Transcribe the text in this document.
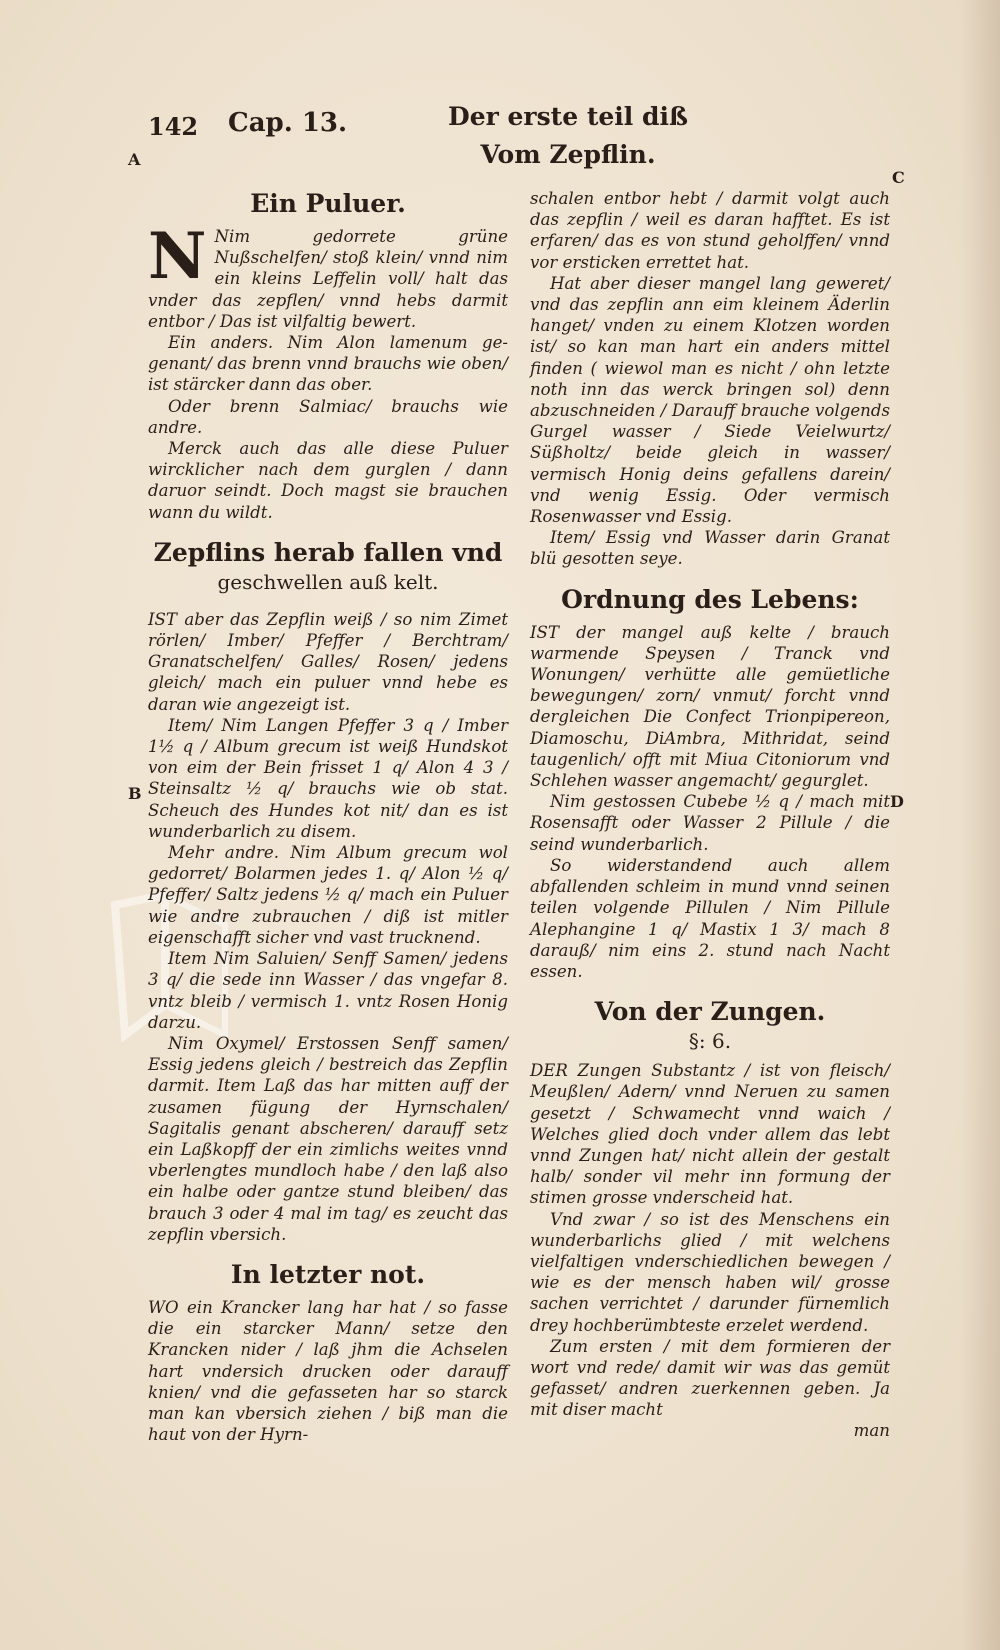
142 Cap. 13.	Der erste teil diß
Vom Zepflin.
A
B
C
D
Ein Puluer.

N Nim gedorrete grüne Nußschelfen/ stoß klein/ vnnd nim ein kleins Leffelin voll/ halt das vnder das zepflen/ vnnd hebs darmit entbor / Das ist vilfaltig bewert.

Ein anders. Nim Alon lamenum ge- genant/ das brenn vnnd brauchs wie oben/ ist stärcker dann das ober.

Oder brenn Salmiac/ brauchs wie andre.

Merck auch das alle diese Puluer wircklicher nach dem gurglen / dann daruor seindt. Doch magst sie brauchen wann du wildt.

Zepflins herab fallen vnd
geschwellen auß kelt.

IST aber das Zepflin weiß / so nim Zimet rörlen/ Imber/ Pfeffer / Berchtram/ Granatschelfen/ Galles/ Rosen/ jedens gleich/ mach ein puluer vnnd hebe es daran wie angezeigt ist.

Item/ Nim Langen Pfeffer 3 q / Imber 1½ q / Album grecum ist weiß Hundskot von eim der Bein frisset 1 q/ Alon 4 3 / Steinsaltz ½ q/ brauchs wie ob stat. Scheuch des Hundes kot nit/ dan es ist wunderbarlich zu disem.

Mehr andre. Nim Album grecum wol gedorret/ Bolarmen jedes 1. q/ Alon ½ q/ Pfeffer/ Saltz jedens ½ q/ mach ein Puluer wie andre zubrauchen / diß ist mitler eigenschafft sicher vnd vast trucknend.

Item Nim Saluien/ Senff Samen/ jedens 3 q/ die sede inn Wasser / das vngefar 8. vntz bleib / vermisch 1. vntz Rosen Honig darzu.

Nim Oxymel/ Erstossen Senff samen/ Essig jedens gleich / bestreich das Zepflin darmit. Item Laß das har mitten auff der zusamen fügung der Hyrnschalen/ Sagitalis genant abscheren/ darauff setz ein Laßkopff der ein zimlichs weites vnnd vberlengtes mundloch habe / den laß also ein halbe oder gantze stund bleiben/ das brauch 3 oder 4 mal im tag/ es zeucht das zepflin vbersich.

In letzter not.

WO ein Krancker lang har hat / so fasse die ein starcker Mann/ setze den Krancken nider / laß jhm die Achselen hart vndersich drucken oder darauff knien/ vnd die gefasseten har so starck man kan vbersich ziehen / biß man die haut von der Hyrn-

schalen entbor hebt / darmit volgt auch das zepflin / weil es daran hafftet. Es ist erfaren/ das es von stund geholffen/ vnnd vor ersticken errettet hat.

Hat aber dieser mangel lang geweret/ vnd das zepflin ann eim kleinem Äderlin hanget/ vnden zu einem Klotzen worden ist/ so kan man hart ein anders mittel finden ( wiewol man es nicht / ohn letzte noth inn das werck bringen sol) denn abzuschneiden / Darauff brauche volgends Gurgel wasser / Siede Veielwurtz/ Süßholtz/ beide gleich in wasser/ vermisch Honig deins gefallens darein/ vnd wenig Essig. Oder vermisch Rosenwasser vnd Essig.

Item/ Essig vnd Wasser darin Granat blü gesotten seye.

Ordnung des Lebens:

IST der mangel auß kelte / brauch warmende Speysen / Tranck vnd Wonungen/ verhütte alle gemüetliche bewegungen/ zorn/ vnmut/ forcht vnnd dergleichen Die Confect Trionpipereon, Diamoschu, DiAmbra, Mithridat, seind taugenlich/ offt mit Miua Citoniorum vnd Schlehen wasser angemacht/ gegurglet.

Nim gestossen Cubebe ½ q / mach mit Rosensafft oder Wasser 2 Pillule / die seind wunderbarlich.

So widerstandend auch allem abfallenden schleim in mund vnnd seinen teilen volgende Pillulen / Nim Pillule Alephangine 1 q/ Mastix 1 3/ mach 8 darauß/ nim eins 2. stund nach Nacht essen.

Von der Zungen.
§: 6.

DER Zungen Substantz / ist von fleisch/ Meußlen/ Adern/ vnnd Neruen zu samen gesetzt / Schwamecht vnnd waich / Welches glied doch vnder allem das lebt vnnd Zungen hat/ nicht allein der gestalt halb/ sonder vil mehr inn formung der stimen grosse vnderscheid hat.

Vnd zwar / so ist des Menschens ein wunderbarlichs glied / mit welchens vielfaltigen vnderschiedlichen bewegen / wie es der mensch haben wil/ grosse sachen verrichtet / darunder fürnemlich drey hochberümbteste erzelet werdend.

Zum ersten / mit dem formieren der wort vnd rede/ damit wir was das gemüt gefasset/ andren zuerkennen geben. Ja mit diser macht

man
